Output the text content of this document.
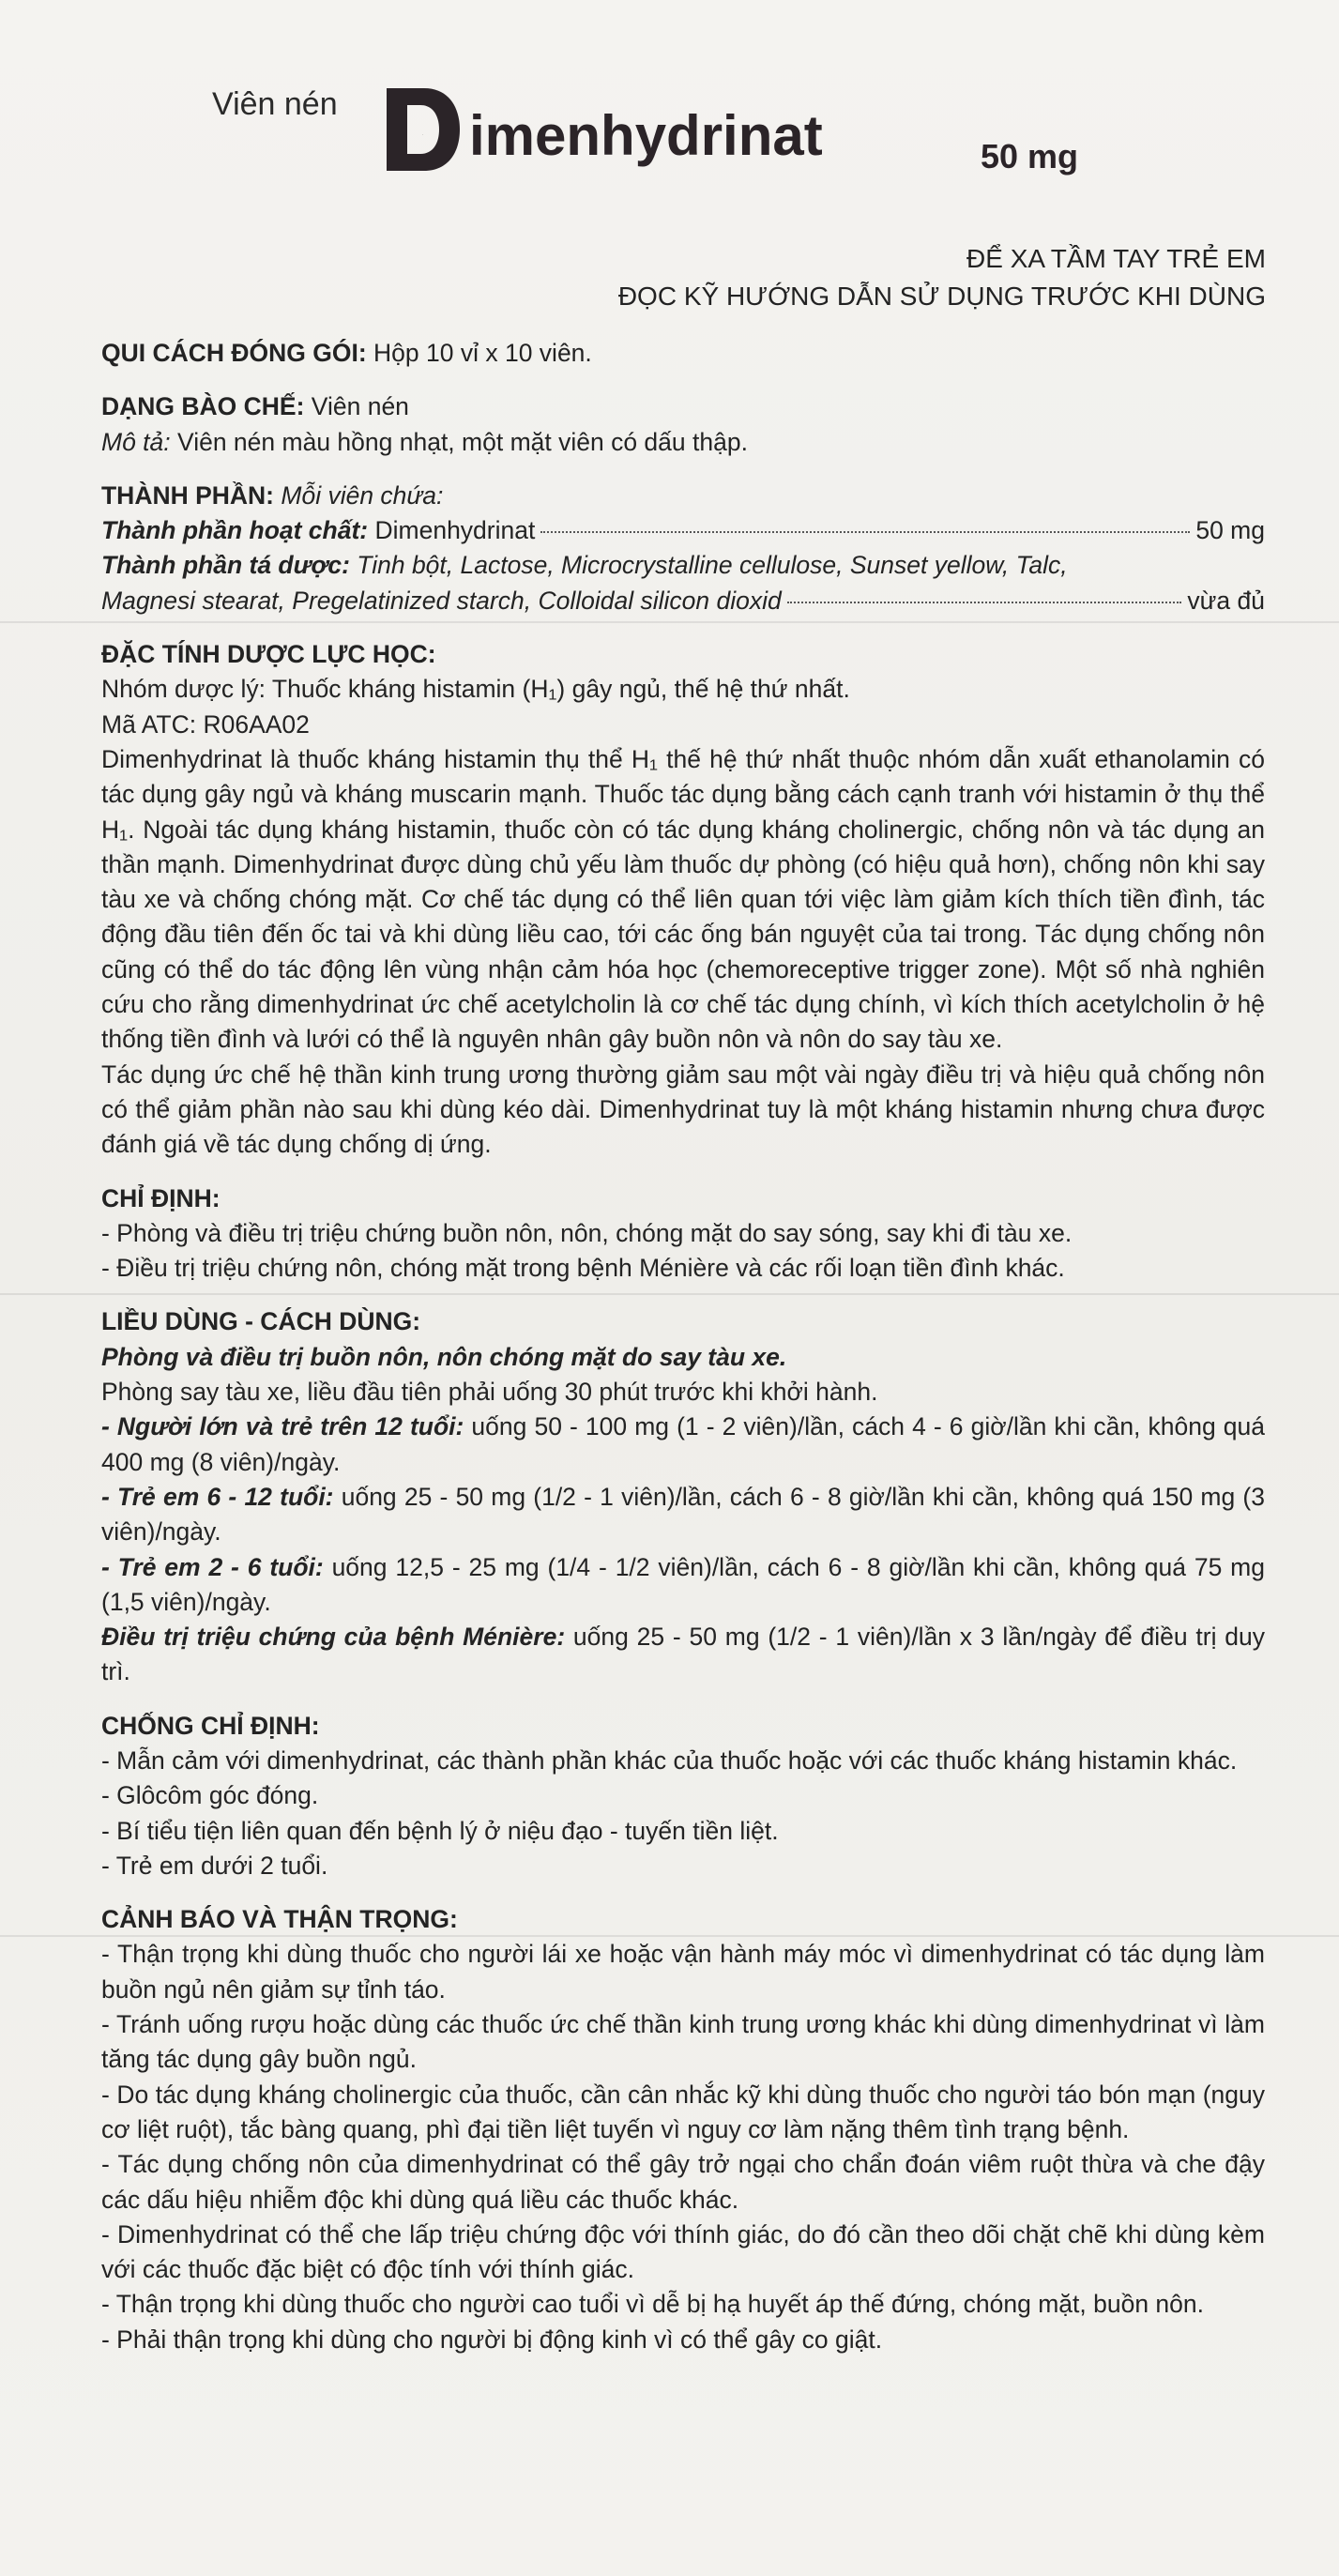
Viên nén
D imenhydrinat	50 mg
ĐỂ XA TẦM TAY TRẺ EM
ĐỌC KỸ HƯỚNG DẪN SỬ DỤNG TRƯỚC KHI DÙNG

QUI CÁCH ĐÓNG GÓI: Hộp 10 vỉ x 10 viên.

DẠNG BÀO CHẾ: Viên nén

Mô tả: Viên nén màu hồng nhạt, một mặt viên có dấu thập.

THÀNH PHẦN: Mỗi viên chứa:

Thành phần hoạt chất: Dimenhydrinat	50 mg

Thành phần tá dược: Tinh bột, Lactose, Microcrystalline cellulose, Sunset yellow, Talc,

Magnesi stearat, Pregelatinized starch, Colloidal silicon dioxid	vừa đủ

ĐẶC TÍNH DƯỢC LỰC HỌC:

Nhóm dược lý: Thuốc kháng histamin (H₁) gây ngủ, thế hệ thứ nhất.

Mã ATC: R06AA02

Dimenhydrinat là thuốc kháng histamin thụ thể H₁ thế hệ thứ nhất thuộc nhóm dẫn xuất ethanolamin có tác dụng gây ngủ và kháng muscarin mạnh. Thuốc tác dụng bằng cách cạnh tranh với histamin ở thụ thể H₁. Ngoài tác dụng kháng histamin, thuốc còn có tác dụng kháng cholinergic, chống nôn và tác dụng an thần mạnh. Dimenhydrinat được dùng chủ yếu làm thuốc dự phòng (có hiệu quả hơn), chống nôn khi say tàu xe và chống chóng mặt. Cơ chế tác dụng có thể liên quan tới việc làm giảm kích thích tiền đình, tác động đầu tiên đến ốc tai và khi dùng liều cao, tới các ống bán nguyệt của tai trong. Tác dụng chống nôn cũng có thể do tác động lên vùng nhận cảm hóa học (chemoreceptive trigger zone). Một số nhà nghiên cứu cho rằng dimenhydrinat ức chế acetylcholin là cơ chế tác dụng chính, vì kích thích acetylcholin ở hệ thống tiền đình và lưới có thể là nguyên nhân gây buồn nôn và nôn do say tàu xe.

Tác dụng ức chế hệ thần kinh trung ương thường giảm sau một vài ngày điều trị và hiệu quả chống nôn có thể giảm phần nào sau khi dùng kéo dài. Dimenhydrinat tuy là một kháng histamin nhưng chưa được đánh giá về tác dụng chống dị ứng.

CHỈ ĐỊNH:

- Phòng và điều trị triệu chứng buồn nôn, nôn, chóng mặt do say sóng, say khi đi tàu xe.

- Điều trị triệu chứng nôn, chóng mặt trong bệnh Ménière và các rối loạn tiền đình khác.

LIỀU DÙNG - CÁCH DÙNG:

Phòng và điều trị buồn nôn, nôn chóng mặt do say tàu xe.

Phòng say tàu xe, liều đầu tiên phải uống 30 phút trước khi khởi hành.

- Người lớn và trẻ trên 12 tuổi: uống 50 - 100 mg (1 - 2 viên)/lần, cách 4 - 6 giờ/lần khi cần, không quá 400 mg (8 viên)/ngày.

- Trẻ em 6 - 12 tuổi: uống 25 - 50 mg (1/2 - 1 viên)/lần, cách 6 - 8 giờ/lần khi cần, không quá 150 mg (3 viên)/ngày.

- Trẻ em 2 - 6 tuổi: uống 12,5 - 25 mg (1/4 - 1/2 viên)/lần, cách 6 - 8 giờ/lần khi cần, không quá 75 mg (1,5 viên)/ngày.

Điều trị triệu chứng của bệnh Ménière: uống 25 - 50 mg (1/2 - 1 viên)/lần x 3 lần/ngày để điều trị duy trì.

CHỐNG CHỈ ĐỊNH:

- Mẫn cảm với dimenhydrinat, các thành phần khác của thuốc hoặc với các thuốc kháng histamin khác.

- Glôcôm góc đóng.

- Bí tiểu tiện liên quan đến bệnh lý ở niệu đạo - tuyến tiền liệt.

- Trẻ em dưới 2 tuổi.

CẢNH BÁO VÀ THẬN TRỌNG:

- Thận trọng khi dùng thuốc cho người lái xe hoặc vận hành máy móc vì dimenhydrinat có tác dụng làm buồn ngủ nên giảm sự tỉnh táo.

- Tránh uống rượu hoặc dùng các thuốc ức chế thần kinh trung ương khác khi dùng dimenhydrinat vì làm tăng tác dụng gây buồn ngủ.

- Do tác dụng kháng cholinergic của thuốc, cần cân nhắc kỹ khi dùng thuốc cho người táo bón mạn (nguy cơ liệt ruột), tắc bàng quang, phì đại tiền liệt tuyến vì nguy cơ làm nặng thêm tình trạng bệnh.

- Tác dụng chống nôn của dimenhydrinat có thể gây trở ngại cho chẩn đoán viêm ruột thừa và che đậy các dấu hiệu nhiễm độc khi dùng quá liều các thuốc khác.

- Dimenhydrinat có thể che lấp triệu chứng độc với thính giác, do đó cần theo dõi chặt chẽ khi dùng kèm với các thuốc đặc biệt có độc tính với thính giác.

- Thận trọng khi dùng thuốc cho người cao tuổi vì dễ bị hạ huyết áp thế đứng, chóng mặt, buồn nôn.

- Phải thận trọng khi dùng cho người bị động kinh vì có thể gây co giật.
